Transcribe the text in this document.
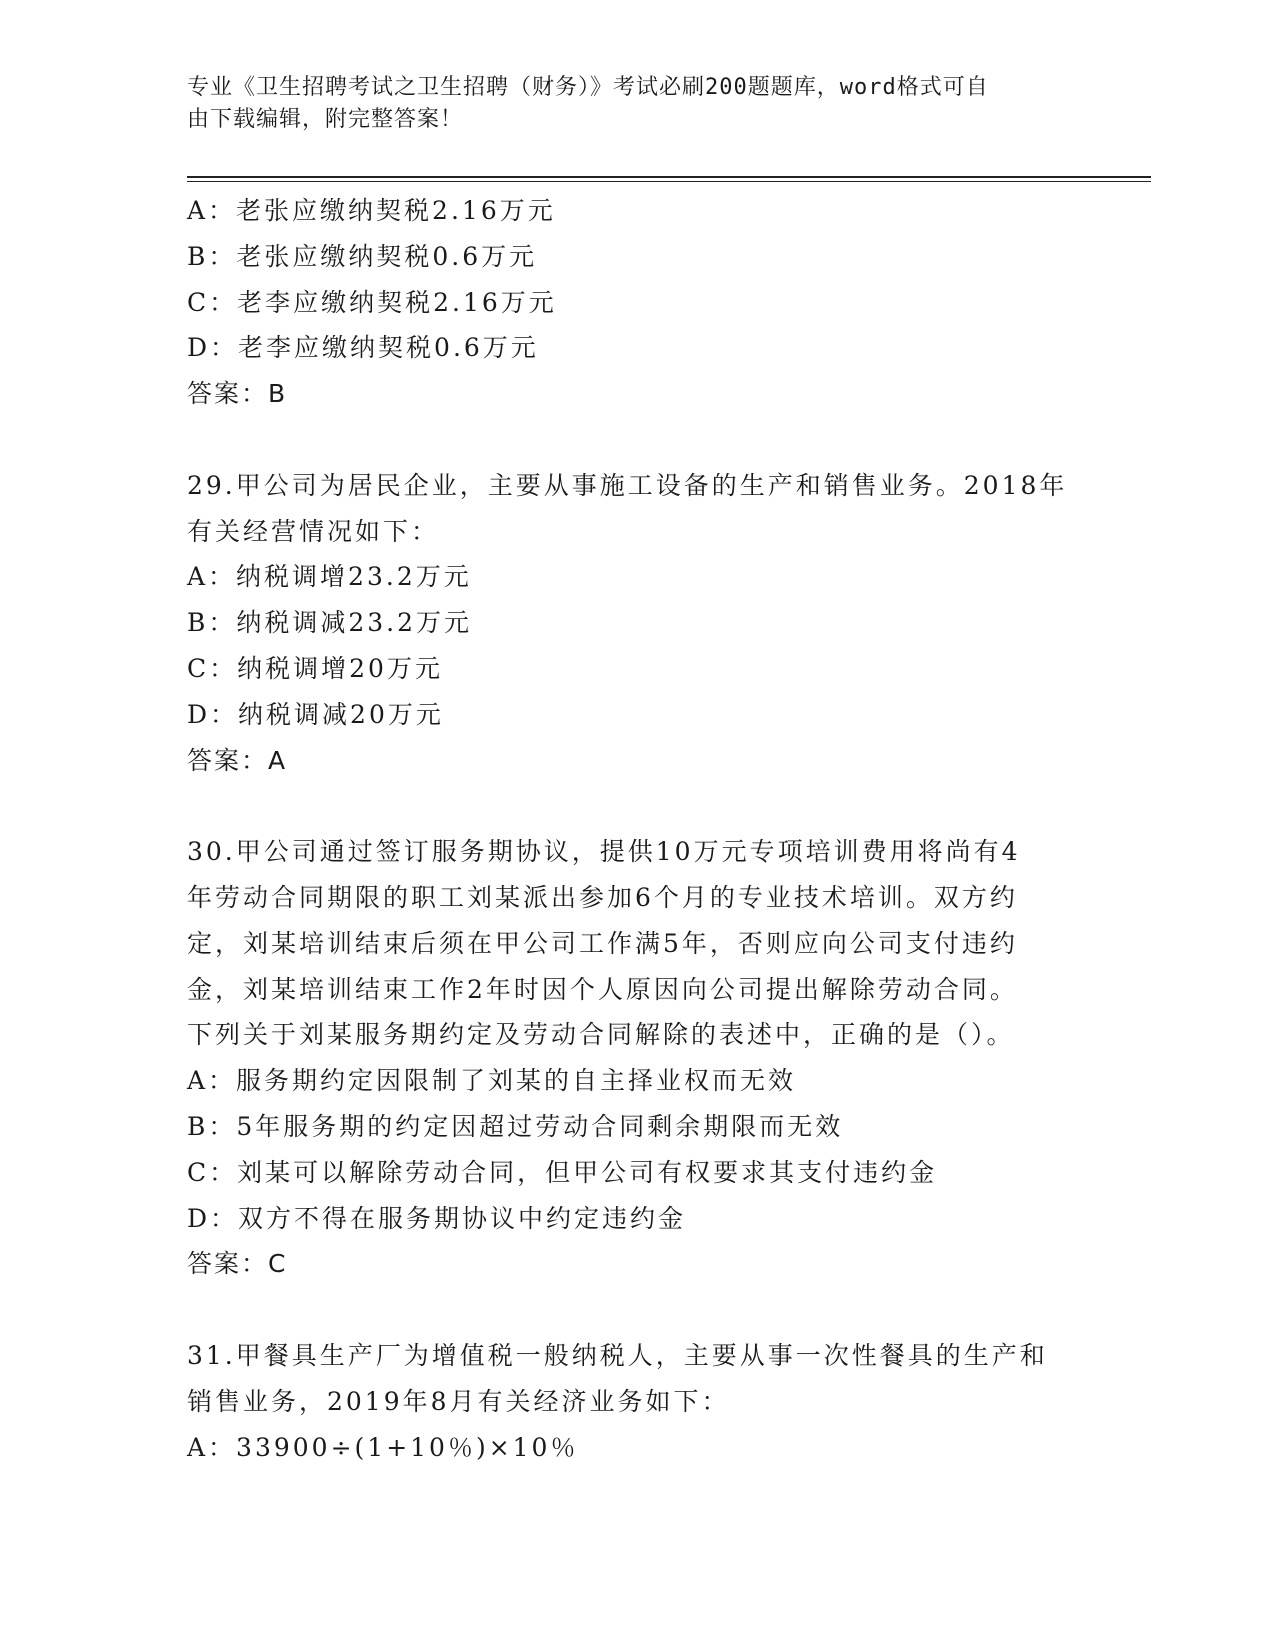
专业《卫生招聘考试之卫生招聘（财务）》考试必刷200题题库，word格式可自
由下载编辑，附完整答案！
A：老张应缴纳契税2.16万元
B：老张应缴纳契税0.6万元
C：老李应缴纳契税2.16万元
D：老李应缴纳契税0.6万元
答案：B
29.甲公司为居民企业，主要从事施工设备的生产和销售业务。2018年
有关经营情况如下：
A：纳税调增23.2万元
B：纳税调减23.2万元
C：纳税调增20万元
D：纳税调减20万元
答案：A
30.甲公司通过签订服务期协议，提供10万元专项培训费用将尚有4
年劳动合同期限的职工刘某派出参加6个月的专业技术培训。双方约
定，刘某培训结束后须在甲公司工作满5年，否则应向公司支付违约
金，刘某培训结束工作2年时因个人原因向公司提出解除劳动合同。
下列关于刘某服务期约定及劳动合同解除的表述中，正确的是（）。
A：服务期约定因限制了刘某的自主择业权而无效
B：5年服务期的约定因超过劳动合同剩余期限而无效
C：刘某可以解除劳动合同，但甲公司有权要求其支付违约金
D：双方不得在服务期协议中约定违约金
答案：C
31.甲餐具生产厂为增值税一般纳税人，主要从事一次性餐具的生产和
销售业务，2019年8月有关经济业务如下：
A：33900÷(1+10％)×10％
